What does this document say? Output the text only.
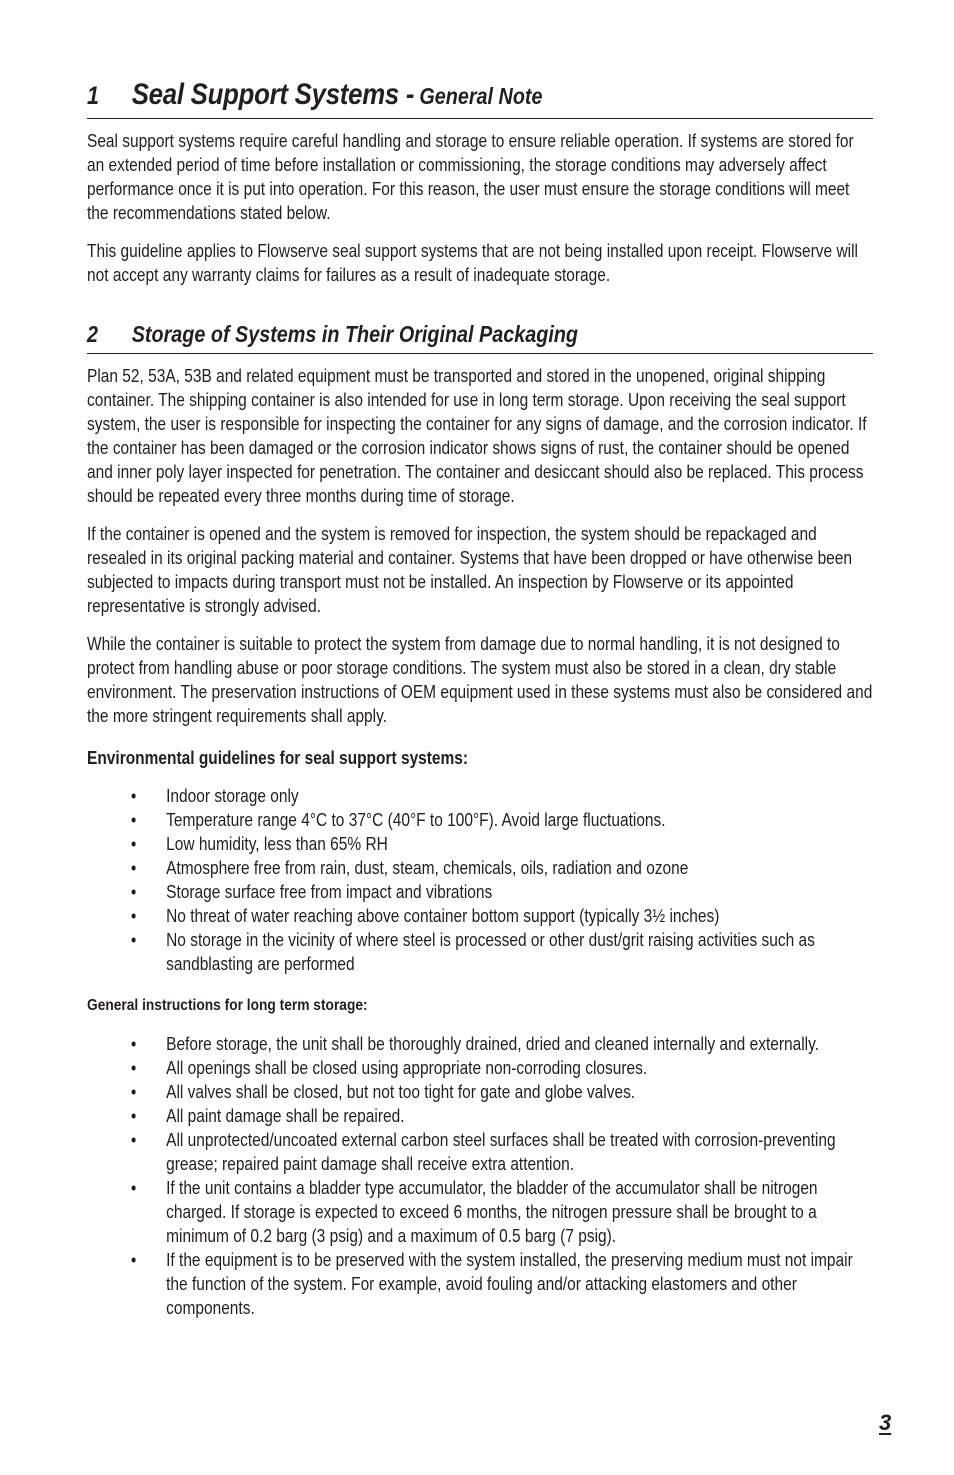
1	Seal Support Systems - General Note

Seal support systems require careful handling and storage to ensure reliable operation. If systems are stored for an extended period of time before installation or commissioning, the storage conditions may adversely affect performance once it is put into operation. For this reason, the user must ensure the storage conditions will meet the recommendations stated below.

This guideline applies to Flowserve seal support systems that are not being installed upon receipt. Flowserve will not accept any warranty claims for failures as a result of inadequate storage.

2	Storage of Systems in Their Original Packaging

Plan 52, 53A, 53B and related equipment must be transported and stored in the unopened, original shipping container. The shipping container is also intended for use in long term storage. Upon receiving the seal support system, the user is responsible for inspecting the container for any signs of damage, and the corrosion indicator. If the container has been damaged or the corrosion indicator shows signs of rust, the container should be opened and inner poly layer inspected for penetration. The container and desiccant should also be replaced. This process should be repeated every three months during time of storage.

If the container is opened and the system is removed for inspection, the system should be repackaged and resealed in its original packing material and container. Systems that have been dropped or have otherwise been subjected to impacts during transport must not be installed. An inspection by Flowserve or its appointed representative is strongly advised.

While the container is suitable to protect the system from damage due to normal handling, it is not designed to protect from handling abuse or poor storage conditions. The system must also be stored in a clean, dry stable environment. The preservation instructions of OEM equipment used in these systems must also be considered and the more stringent requirements shall apply.

Environmental guidelines for seal support systems:
• Indoor storage only
• Temperature range 4°C to 37°C (40°F to 100°F). Avoid large fluctuations.
• Low humidity, less than 65% RH
• Atmosphere free from rain, dust, steam, chemicals, oils, radiation and ozone
• Storage surface free from impact and vibrations
• No threat of water reaching above container bottom support (typically 3½ inches)
• No storage in the vicinity of where steel is processed or other dust/grit raising activities such as sandblasting are performed
General instructions for long term storage:
• Before storage, the unit shall be thoroughly drained, dried and cleaned internally and externally.
• All openings shall be closed using appropriate non-corroding closures.
• All valves shall be closed, but not too tight for gate and globe valves.
• All paint damage shall be repaired.
• All unprotected/uncoated external carbon steel surfaces shall be treated with corrosion-preventing grease; repaired paint damage shall receive extra attention.
• If the unit contains a bladder type accumulator, the bladder of the accumulator shall be nitrogen charged. If storage is expected to exceed 6 months, the nitrogen pressure shall be brought to a minimum of 0.2 barg (3 psig) and a maximum of 0.5 barg (7 psig).
• If the equipment is to be preserved with the system installed, the preserving medium must not impair the function of the system. For example, avoid fouling and/or attacking elastomers and other components.
3
